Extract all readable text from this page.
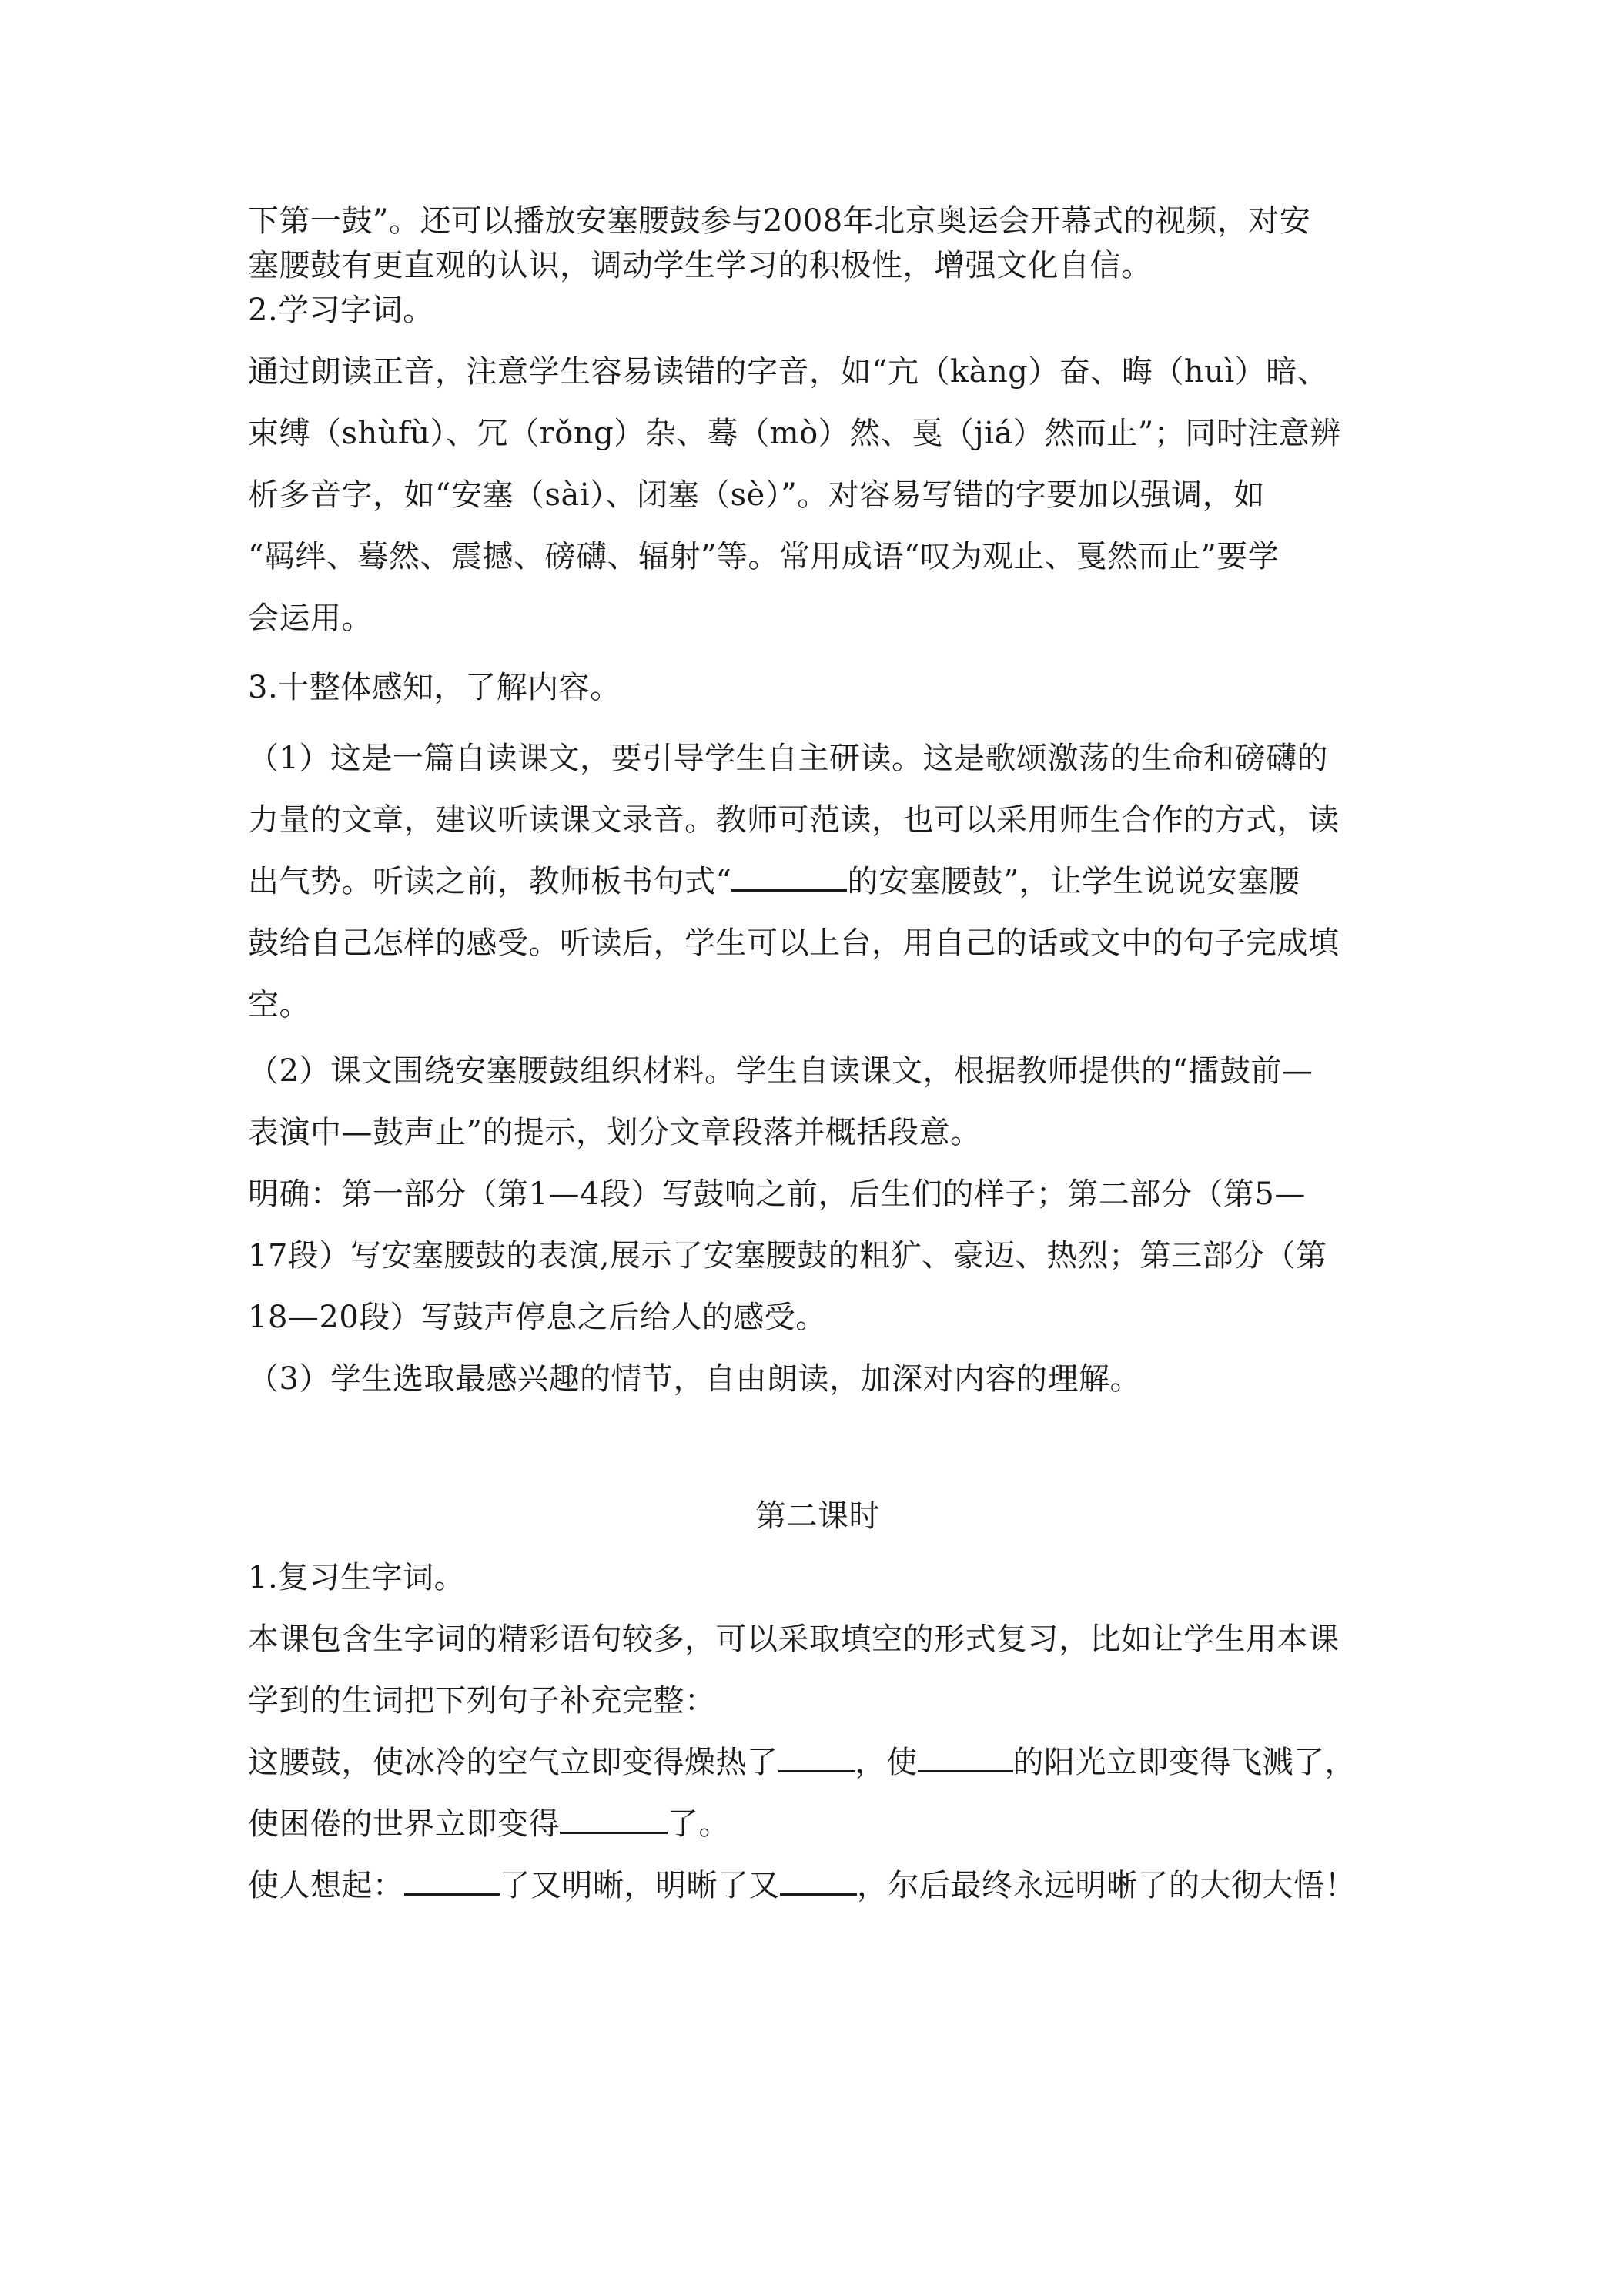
下第一鼓”。还可以播放安塞腰鼓参与2008年北京奥运会开幕式的视频，对安

塞腰鼓有更直观的认识，调动学生学习的积极性，增强文化自信。

2.学习字词。

通过朗读正音，注意学生容易读错的字音，如“亢（kàng）奋、晦（huì）暗、

束缚（shùfù）、冗（rǒng）杂、蓦（mò）然、戛（jiá）然而止”；同时注意辨

析多音字，如“安塞（sài）、闭塞（sè）”。对容易写错的字要加以强调，如

“羁绊、蓦然、震撼、磅礴、辐射”等。常用成语“叹为观止、戛然而止”要学

会运用。

3.十整体感知，了解内容。

（1）这是一篇自读课文，要引导学生自主研读。这是歌颂激荡的生命和磅礴的

力量的文章，建议听读课文录音。教师可范读，也可以采用师生合作的方式，读

出气势。听读之前，教师板书句式“	的安塞腰鼓”，让学生说说安塞腰

鼓给自己怎样的感受。听读后，学生可以上台，用自己的话或文中的句子完成填

空。

（2）课文围绕安塞腰鼓组织材料。学生自读课文，根据教师提供的“擂鼓前—

表演中—鼓声止”的提示，划分文章段落并概括段意。

明确：第一部分（第1—4段）写鼓响之前，后生们的样子；第二部分（第5—

17段）写安塞腰鼓的表演,展示了安塞腰鼓的粗犷、豪迈、热烈；第三部分（第

18—20段）写鼓声停息之后给人的感受。

（3）学生选取最感兴趣的情节，自由朗读，加深对内容的理解。

第二课时

1.复习生字词。

本课包含生字词的精彩语句较多，可以采取填空的形式复习，比如让学生用本课

学到的生词把下列句子补充完整：

这腰鼓，使冰冷的空气立即变得燥热了	，使	的阳光立即变得飞溅了，

使困倦的世界立即变得	了。

使人想起：	了又明晰，明晰了又	，尔后最终永远明晰了的大彻大悟！
